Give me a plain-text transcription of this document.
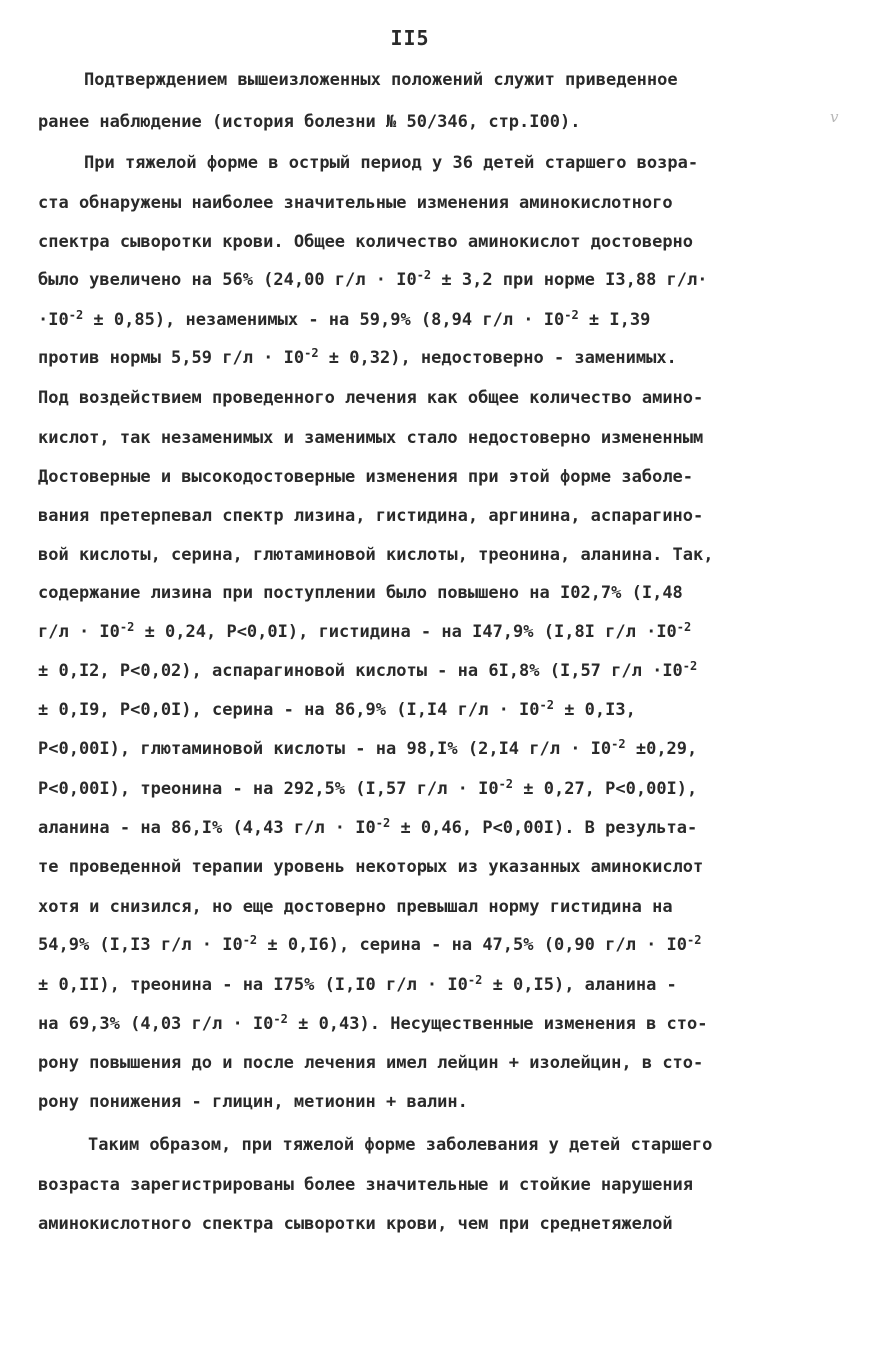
II5
Подтверждением вышеизложенных положений служит приведенное
ранее наблюдение (история болезни № 50/346, стр.I00).
При тяжелой форме в острый период у 36 детей старшего возра-
ста обнаружены наиболее значительные изменения аминокислотного
спектра сыворотки крови. Общее количество аминокислот достоверно
было увеличено на 56% (24,00 $г/л \cdot I0^{-2} \pm 3,2$ при норме I3,88 г/л·
$\cdot I0^{-2} \pm 0,85$), незаменимых - на 59,9% (8,94 $г/л \cdot I0^{-2} \pm I,39$
против нормы 5,59 $г/л \cdot I0^{-2} \pm 0,32$), недостоверно - заменимых.
Под воздействием проведенного лечения как общее количество амино-
кислот, так незаменимых и заменимых стало недостоверно измененным
Достоверные и высокодостоверные изменения при этой форме заболе-
вания претерпевал спектр лизина, гистидина, аргинина, аспарагино-
вой кислоты, серина, глютаминовой кислоты, треонина, аланина. Так,
содержание лизина при поступлении было повышено на I02,7% (I,48
$г/л \cdot I0^{-2} \pm 0,24$, P<0,0I), гистидина - на I47,9% (I,8I $г/л \cdot I0^{-2}$
± 0,I2, P<0,02), аспарагиновой кислоты - на 6I,8% (I,57 $г/л \cdot I0^{-2}$
± 0,I9, P<0,0I), серина - на 86,9% (I,I4 $г/л \cdot I0^{-2} \pm 0,I3$,
P<0,00I), глютаминовой кислоты - на 98,I% (2,I4 $г/л \cdot I0^{-2} \pm 0,29$,
P<0,00I), треонина - на 292,5% (I,57 $г/л \cdot I0^{-2} \pm 0,27$, P<0,00I),
аланина - на 86,I% (4,43 $г/л \cdot I0^{-2} \pm 0,46$, P<0,00I). В результа-
те проведенной терапии уровень некоторых из указанных аминокислот
хотя и снизился, но еще достоверно превышал норму гистидина на
54,9% (I,I3 $г/л \cdot I0^{-2} \pm 0,I6$), серина - на 47,5% (0,90 $г/л \cdot I0^{-2}$
± 0,II), треонина - на I75% (I,I0 $г/л \cdot I0^{-2} \pm 0,I5$), аланина -
на 69,3% (4,03 $г/л \cdot I0^{-2} \pm 0,43$). Несущественные изменения в сто-
рону повышения до и после лечения имел лейцин + изолейцин, в сто-
рону понижения - глицин, метионин + валин.
Таким образом, при тяжелой форме заболевания у детей старшего
возраста зарегистрированы более значительные и стойкие нарушения
аминокислотного спектра сыворотки крови, чем при среднетяжелой
v
